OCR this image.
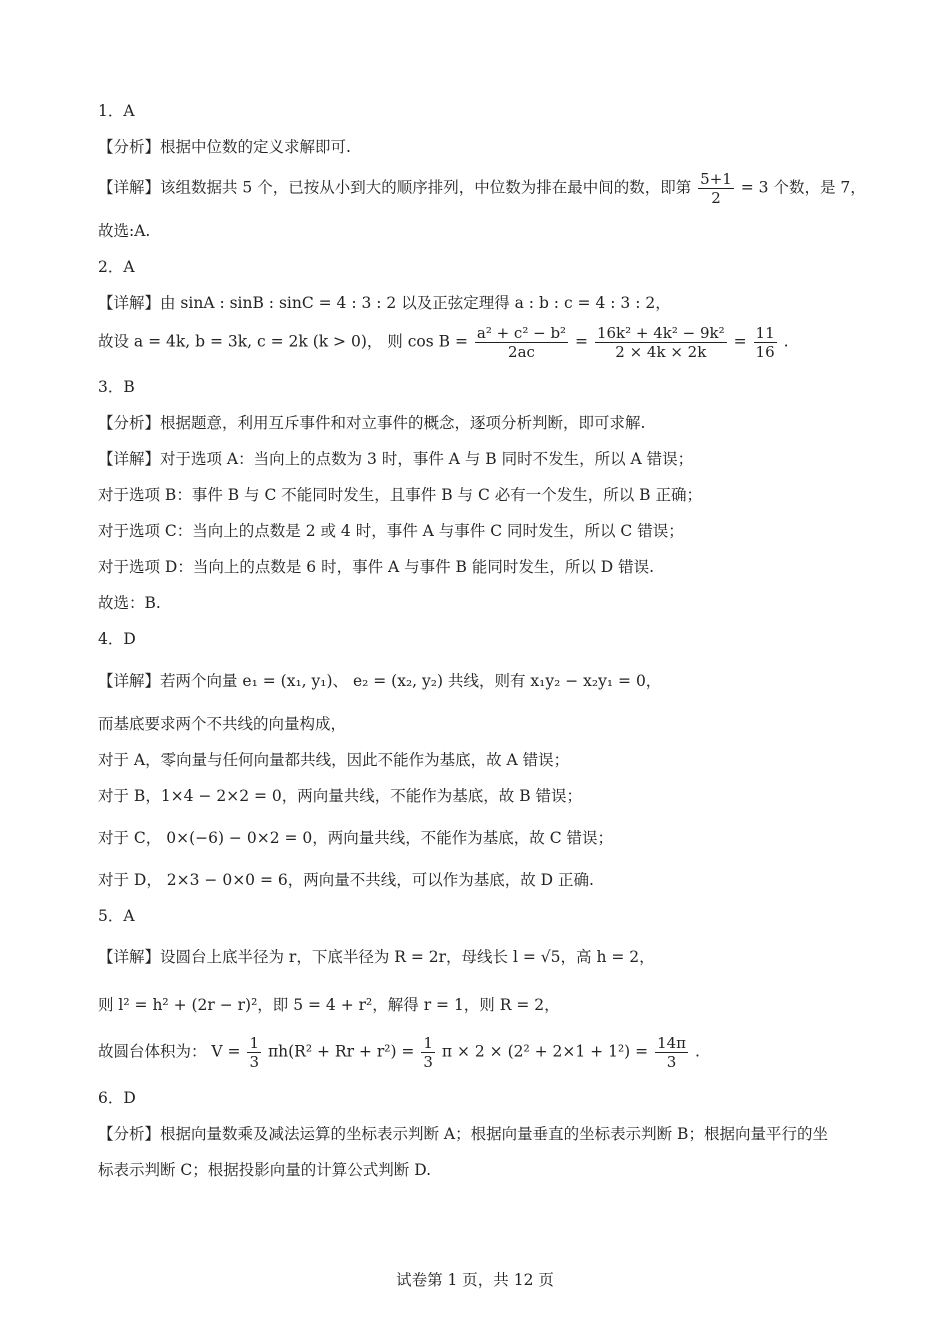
1．A
【分析】根据中位数的定义求解即可.
【详解】该组数据共 5 个，已按从小到大的顺序排列，中位数为排在最中间的数，即第 $\frac{5+1}{2} = 3$ 个数，是 7，
故选:A.
2．A
【详解】由 sinA : sinB : sinC = 4 : 3 : 2 以及正弦定理得 a : b : c = 4 : 3 : 2，
故设 a = 4k, b = 3k, c = 2k (k > 0)， 则 $\cos B = \frac{\text{a² + c² − b²}}{2ac} = \frac{\text{16k² + 4k² − 9k²}}{2 \times 4k \times 2k} = \frac{11}{16}$ .
3．B
【分析】根据题意，利用互斥事件和对立事件的概念，逐项分析判断，即可求解.
【详解】对于选项 A：当向上的点数为 3 时，事件 A 与 B 同时不发生，所以 A 错误；
对于选项 B：事件 B 与 C 不能同时发生，且事件 B 与 C 必有一个发生，所以 B 正确；
对于选项 C：当向上的点数是 2 或 4 时，事件 A 与事件 C 同时发生，所以 C 错误；
对于选项 D：当向上的点数是 6 时，事件 A 与事件 B 能同时发生，所以 D 错误.
故选：B.
4．D
【详解】若两个向量 e₁ = (x₁, y₁)、 e₂ = (x₂, y₂) 共线，则有 x₁y₂ − x₂y₁ = 0，
而基底要求两个不共线的向量构成，
对于 A，零向量与任何向量都共线，因此不能作为基底，故 A 错误；
对于 B，1×4 − 2×2 = 0，两向量共线，不能作为基底，故 B 错误；
对于 C， 0×(−6) − 0×2 = 0，两向量共线，不能作为基底，故 C 错误；
对于 D， 2×3 − 0×0 = 6，两向量不共线，可以作为基底，故 D 正确.
5．A
【详解】设圆台上底半径为 r，下底半径为 R = 2r，母线长 l = √5，高 h = 2，
则 l² = h² + (2r − r)²，即 5 = 4 + r²，解得 r = 1，则 R = 2，
故圆台体积为： $V = \frac{1}{3} \pi h(R^2 + Rr + r^2) = \frac{1}{3}$ $\pi \times 2 \times (2^2 + 2\times 1 + 1^2) = \frac{14\pi}{3}$ .
6．D
【分析】根据向量数乘及减法运算的坐标表示判断 A；根据向量垂直的坐标表示判断 B；根据向量平行的坐
标表示判断 C；根据投影向量的计算公式判断 D.
试卷第 1 页，共 12 页
